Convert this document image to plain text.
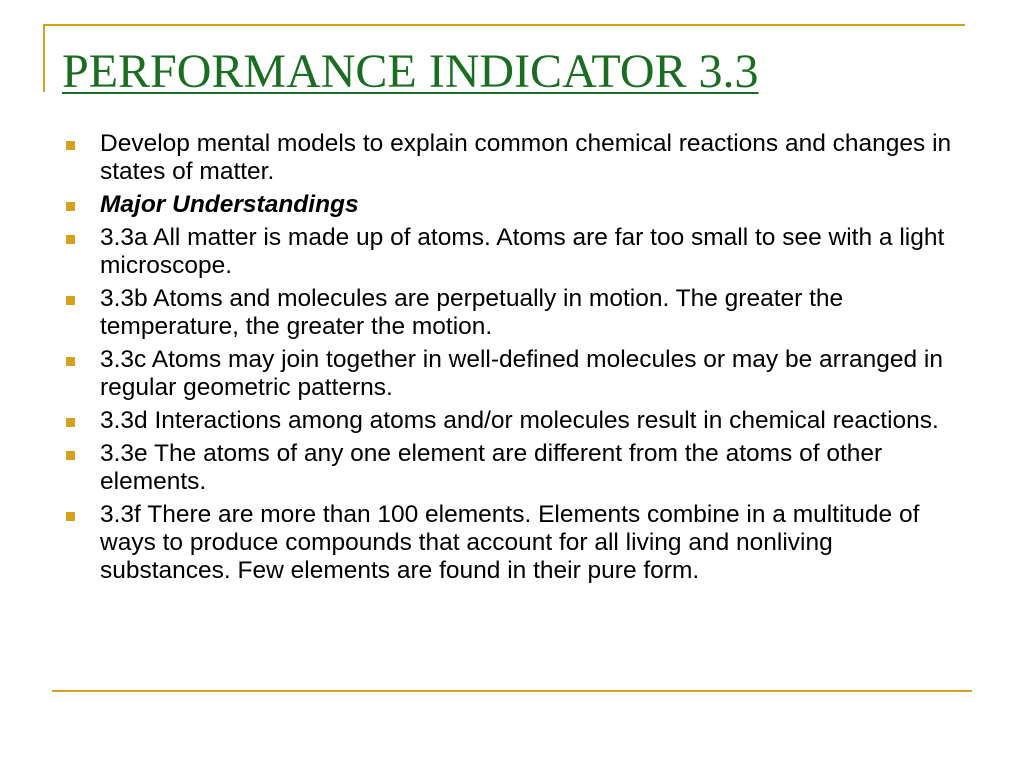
PERFORMANCE INDICATOR 3.3
Develop mental models to explain common chemical reactions and changes in states of matter.
Major Understandings
3.3a All matter is made up of atoms. Atoms are far too small to see with a light microscope.
3.3b Atoms and molecules are perpetually in motion. The greater the temperature, the greater the motion.
3.3c Atoms may join together in well-defined molecules or may be arranged in regular geometric patterns.
3.3d Interactions among atoms and/or molecules result in chemical reactions.
3.3e The atoms of any one element are different from the atoms of other elements.
3.3f There are more than 100 elements. Elements combine in a multitude of ways to produce compounds that account for all living and nonliving substances. Few elements are found in their pure form.
